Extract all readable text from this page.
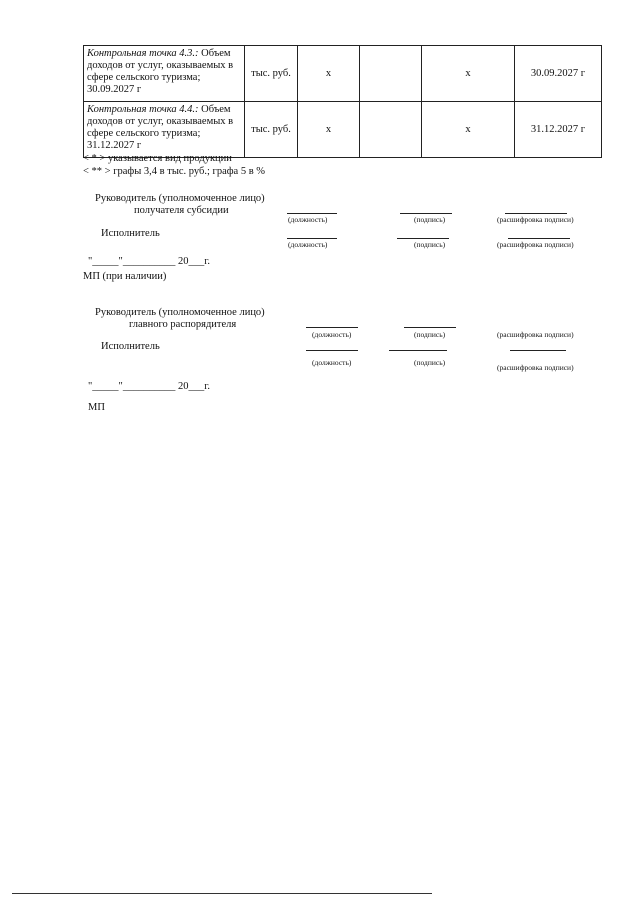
Контрольная точка 4.3.: Объем доходов от услуг, оказываемых в сфере сельского туризма; 30.09.2027 г	тыс. руб.	x		x	30.09.2027 г
Контрольная точка 4.4.: Объем доходов от услуг, оказываемых в сфере сельского туризма; 31.12.2027 г	тыс. руб.	x		x	31.12.2027 г
< * > указывается вид продукции
< ** > графы 3,4 в тыс. руб.; графа 5 в %
Руководитель (уполномоченное лицо)
получателя субсидии
(должность)	(подпись)	(расшифровка подписи)
Исполнитель
(должность)	(подпись)	(расшифровка подписи)
"_____"__________ 20___г.
МП (при наличии)
Руководитель (уполномоченное лицо)
главного распорядителя
(должность)	(подпись)	(расшифровка подписи)
Исполнитель
(должность)	(подпись)
(расшифровка подписи)
"_____"__________ 20___г.
МП
